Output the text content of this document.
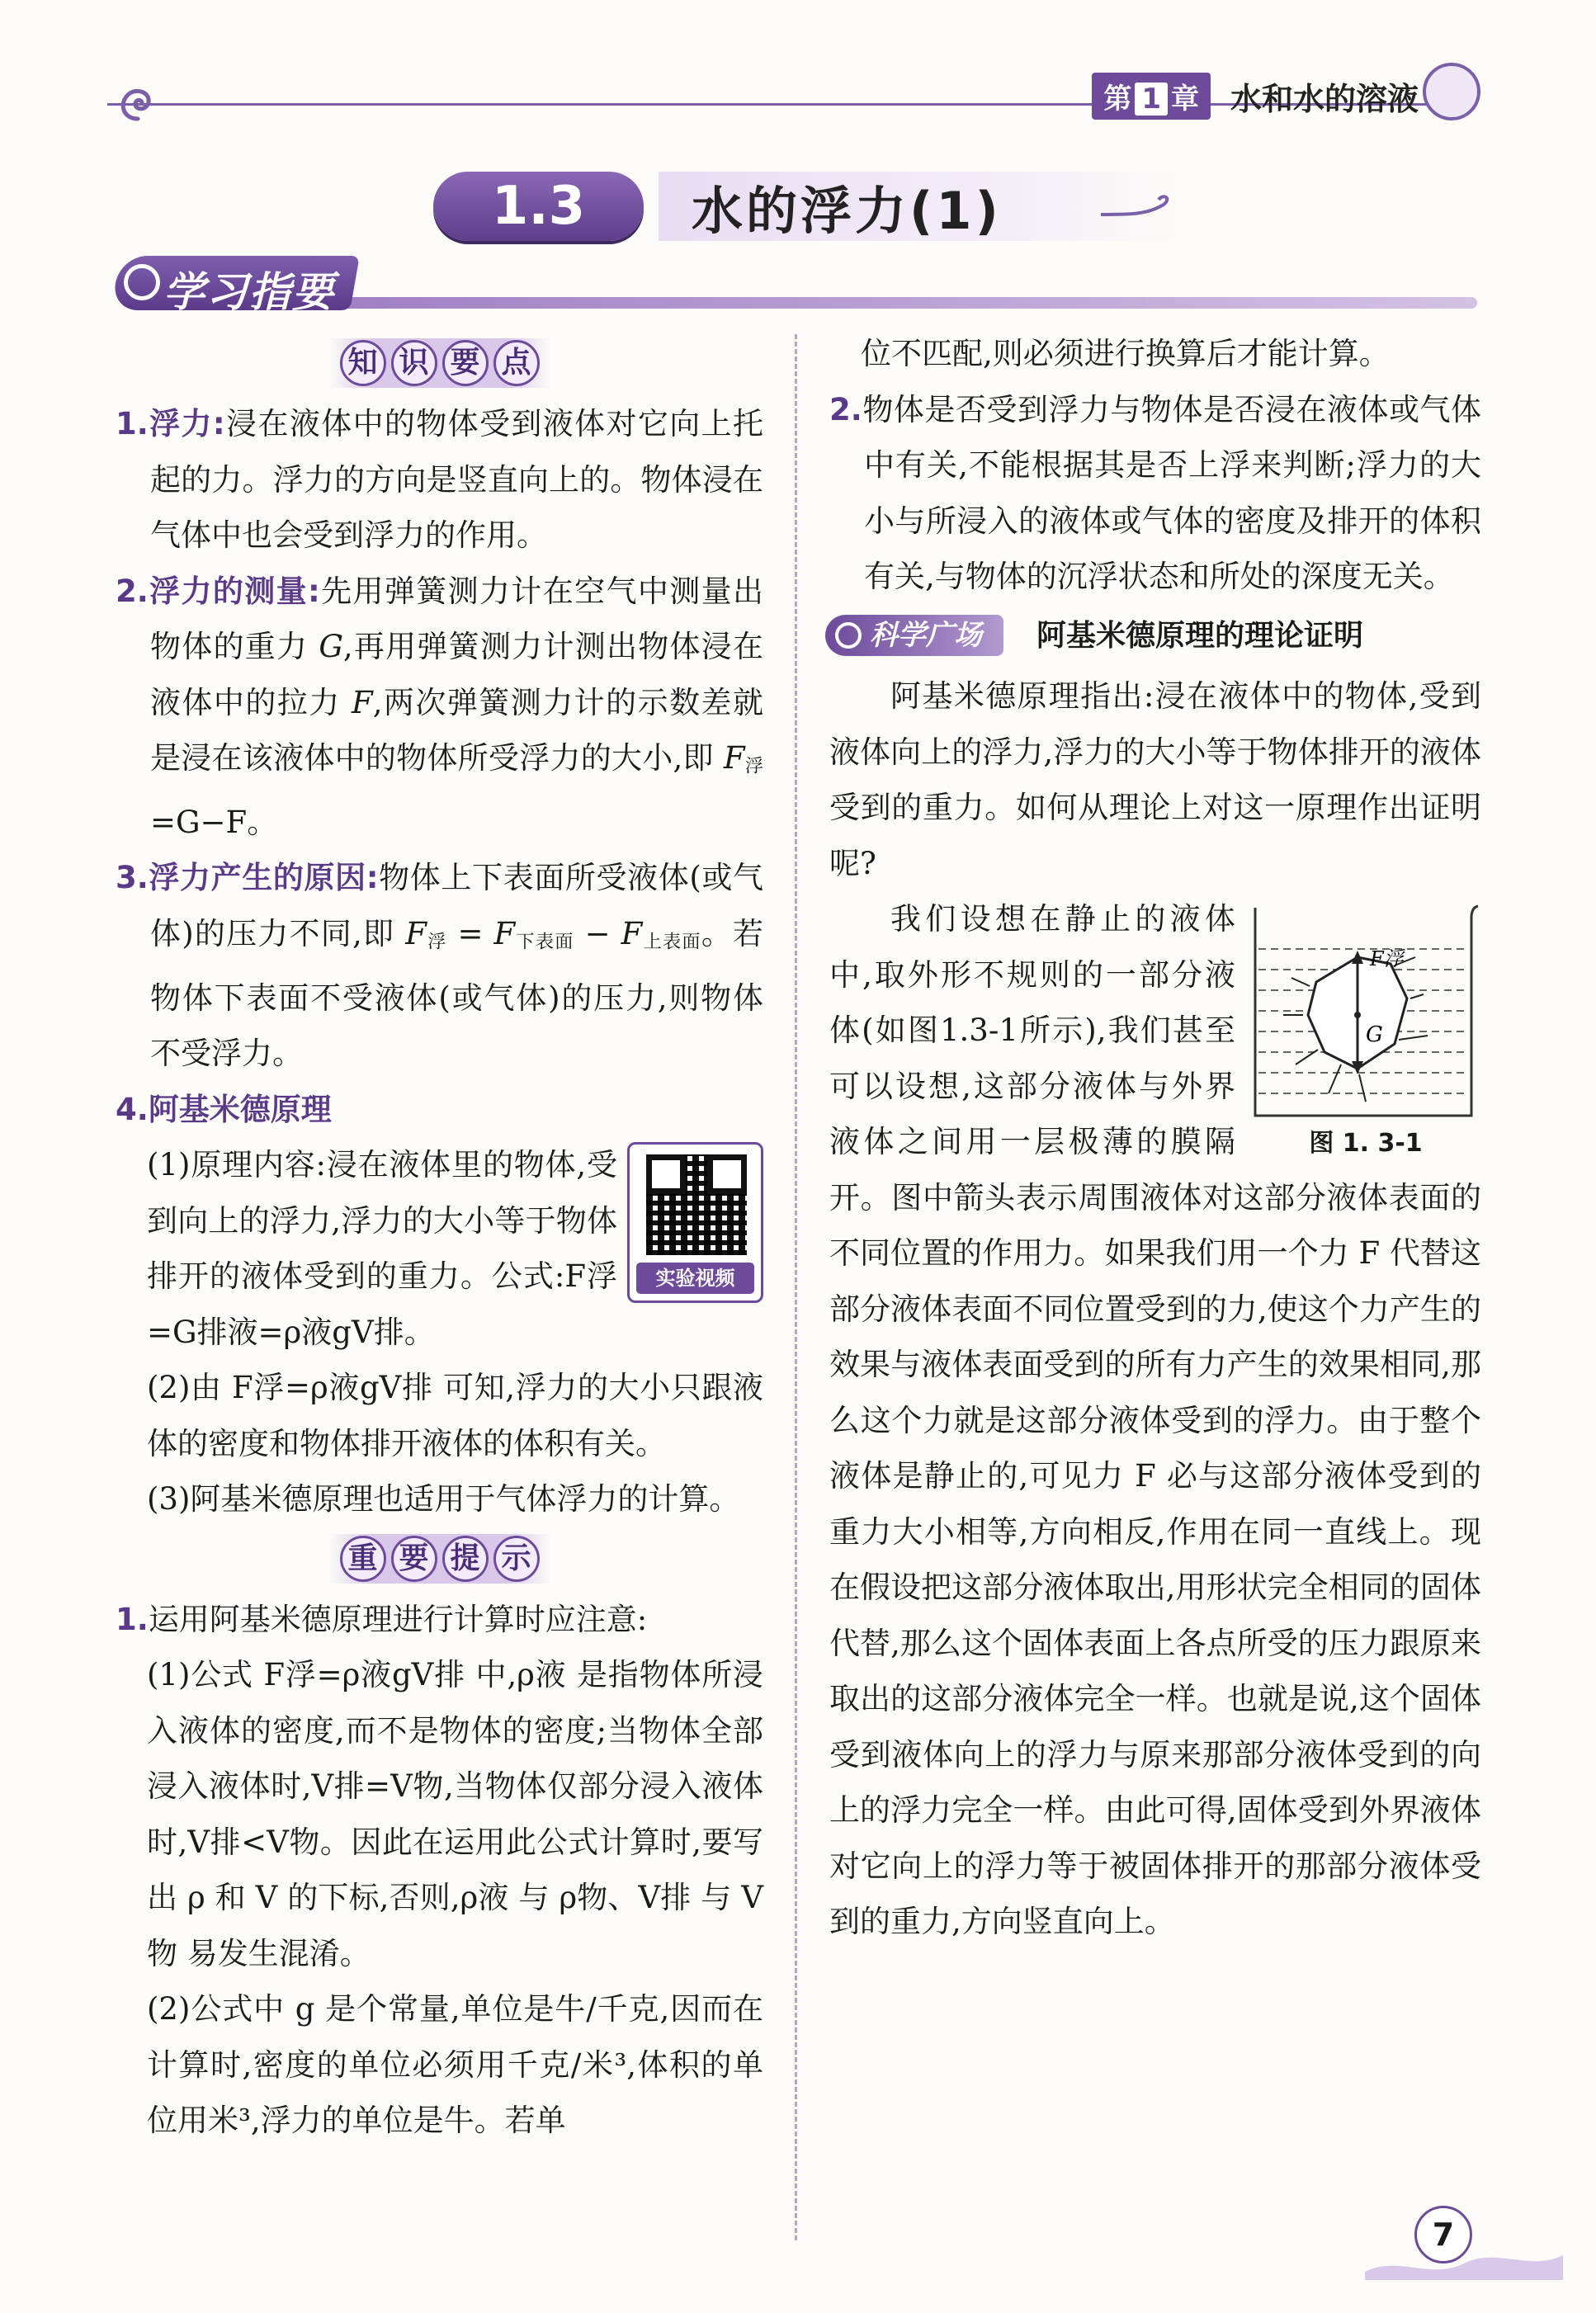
第 1 章	水和水的溶液
1.3	水的浮力(1)
学习指要
知 识 要 点

1.浮力:浸在液体中的物体受到液体对它向上托起的力。浮力的方向是竖直向上的。物体浸在气体中也会受到浮力的作用。

2.浮力的测量:先用弹簧测力计在空气中测量出物体的重力 G,再用弹簧测力计测出物体浸在液体中的拉力 F,两次弹簧测力计的示数差就是浸在该液体中的物体所受浮力的大小,即 $F_浮=G-F$。

3.浮力产生的原因:物体上下表面所受液体(或气体)的压力不同,即 $F_浮 = F_{下表面} - F_{上表面}$。若物体下表面不受液体(或气体)的压力,则物体不受浮力。

4.阿基米德原理

实验视频

(1)原理内容:浸在液体里的物体,受到向上的浮力,浮力的大小等于物体排开的液体受到的重力。公式:F浮=G排液=ρ液gV排。

(2)由 F浮=ρ液gV排 可知,浮力的大小只跟液体的密度和物体排开液体的体积有关。

(3)阿基米德原理也适用于气体浮力的计算。

重 要 提 示

1.运用阿基米德原理进行计算时应注意:

(1)公式 F浮=ρ液gV排 中,ρ液 是指物体所浸入液体的密度,而不是物体的密度;当物体全部浸入液体时,V排=V物,当物体仅部分浸入液体时,V排<V物。因此在运用此公式计算时,要写出 ρ 和 V 的下标,否则,ρ液 与 ρ物、V排 与 V物 易发生混淆。

(2)公式中 g 是个常量,单位是牛/千克,因而在计算时,密度的单位必须用千克/米³,体积的单位用米³,浮力的单位是牛。若单

位不匹配,则必须进行换算后才能计算。

2.物体是否受到浮力与物体是否浸在液体或气体中有关,不能根据其是否上浮来判断;浮力的大小与所浸入的液体或气体的密度及排开的体积有关,与物体的沉浮状态和所处的深度无关。

科学广场	阿基米德原理的理论证明

阿基米德原理指出:浸在液体中的物体,受到液体向上的浮力,浮力的大小等于物体排开的液体受到的重力。如何从理论上对这一原理作出证明呢?

F浮
G
图 1. 3-1

我们设想在静止的液体中,取外形不规则的一部分液体(如图1.3-1所示),我们甚至可以设想,这部分液体与外界液体之间用一层极薄的膜隔开。图中箭头表示周围液体对这部分液体表面的不同位置的作用力。如果我们用一个力 F 代替这部分液体表面不同位置受到的力,使这个力产生的效果与液体表面受到的所有力产生的效果相同,那么这个力就是这部分液体受到的浮力。由于整个液体是静止的,可见力 F 必与这部分液体受到的重力大小相等,方向相反,作用在同一直线上。现在假设把这部分液体取出,用形状完全相同的固体代替,那么这个固体表面上各点所受的压力跟原来取出的这部分液体完全一样。也就是说,这个固体受到液体向上的浮力与原来那部分液体受到的向上的浮力完全一样。由此可得,固体受到外界液体对它向上的浮力等于被固体排开的那部分液体受到的重力,方向竖直向上。

7
